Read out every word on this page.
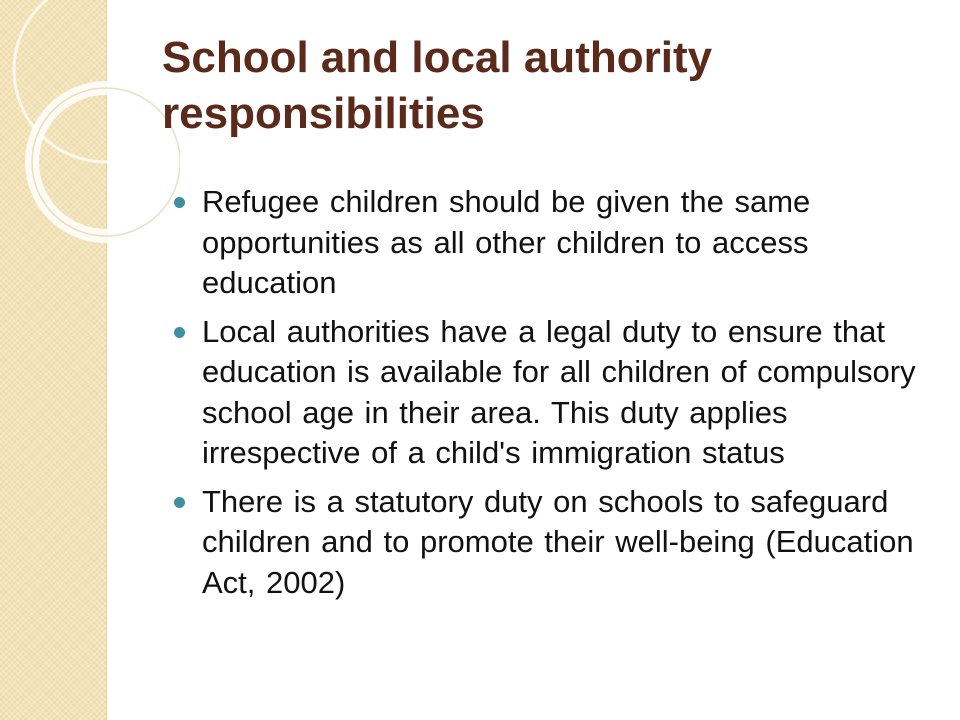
School and local authority responsibilities
Refugee children should be given the same opportunities as all other children to access education
Local authorities have a legal duty to ensure that education is available for all children of compulsory school age in their area. This duty applies irrespective of a child's immigration status
There is a statutory duty on schools to safeguard children and to promote their well-being (Education Act, 2002)
